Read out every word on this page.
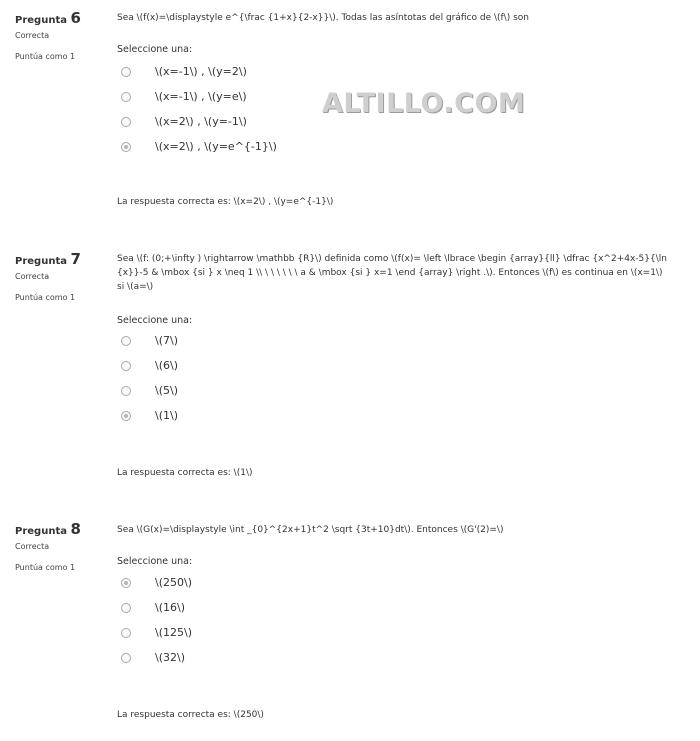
ALTILLO.COM
Pregunta 6
Correcta
Puntúa como 1
Sea \(f(x)=\displaystyle e^{\frac {1+x}{2-x}}\). Todas las asíntotas del gráfico de \(f\) son
Seleccione una:
\(x=-1\) , \(y=2\)
\(x=-1\) , \(y=e\)
\(x=2\) , \(y=-1\)
\(x=2\) , \(y=e^{-1}\)
La respuesta correcta es: \(x=2\) , \(y=e^{-1}\)
Pregunta 7
Correcta
Puntúa como 1
Sea \(f: (0;+\infty ) \rightarrow \mathbb {R}\) definida como \(f(x)= \left \lbrace \begin {array}{ll} \dfrac {x^2+4x-5}{\ln {x}}-5 & \mbox {si } x \neq 1 \\ \ \ \ \ \ \ a & \mbox {si } x=1 \end {array} \right .\). Entonces \(f\) es continua en \(x=1\) si \(a=\)
Seleccione una:
\(7\)
\(6\)
\(5\)
\(1\)
La respuesta correcta es: \(1\)
Pregunta 8
Correcta
Puntúa como 1
Sea \(G(x)=\displaystyle \int _{0}^{2x+1}t^2 \sqrt {3t+10}dt\). Entonces \(G'(2)=\)
Seleccione una:
\(250\)
\(16\)
\(125\)
\(32\)
La respuesta correcta es: \(250\)
